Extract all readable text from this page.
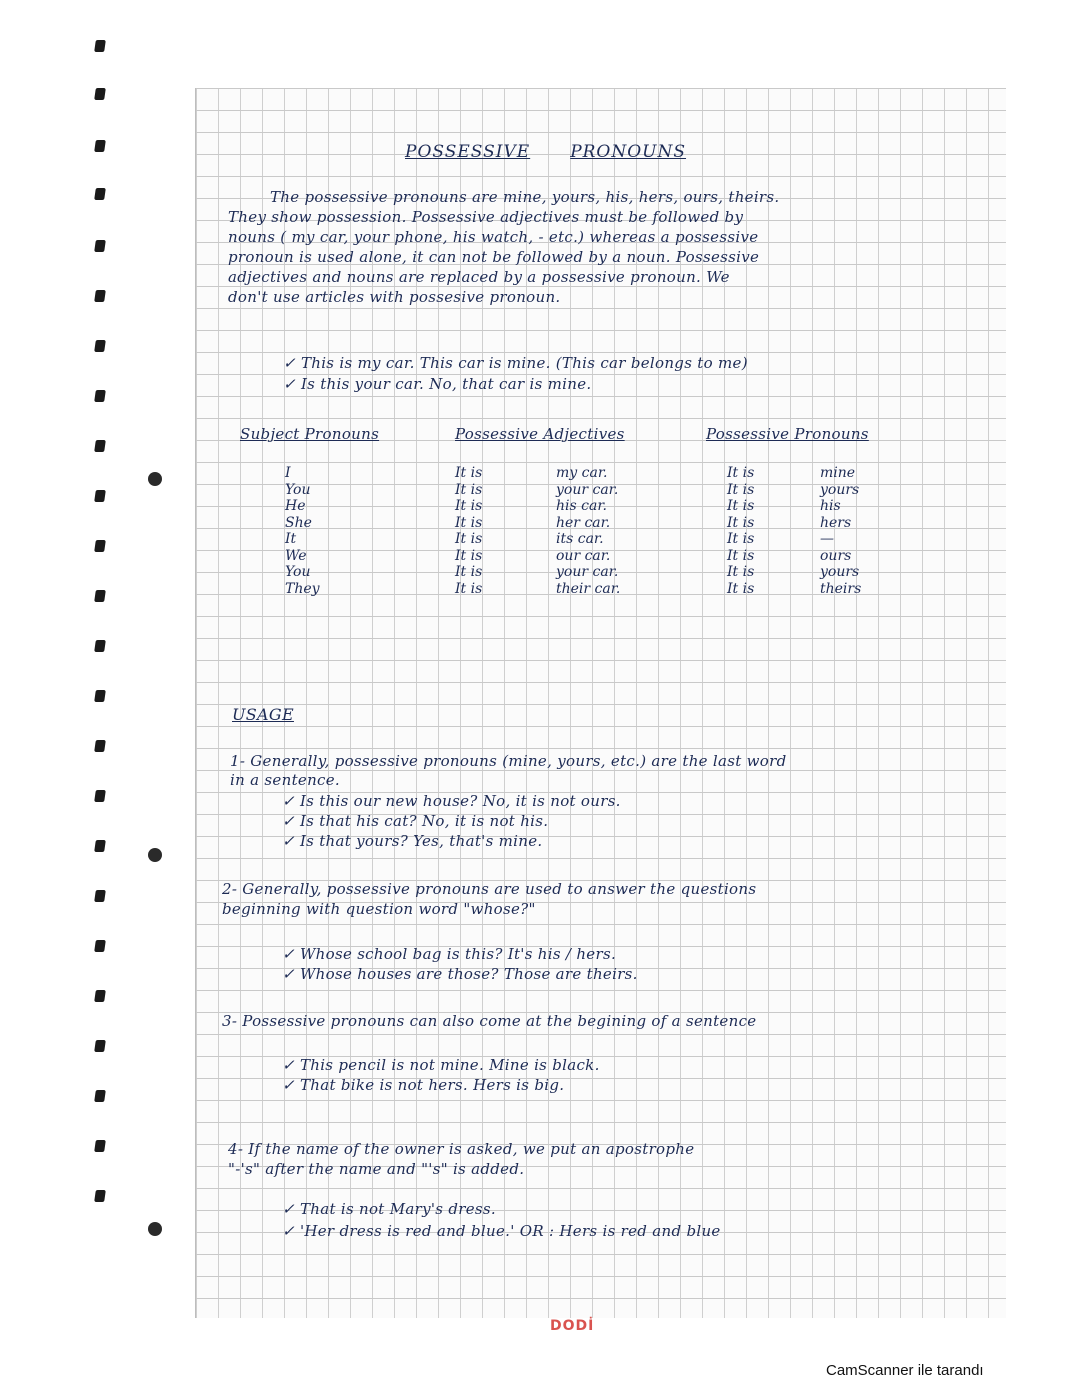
POSSESSIVE PRONOUNS
The possessive pronouns are mine, yours, his, hers, ours, theirs.
They show possession. Possessive adjectives must be followed by
nouns ( my car, your phone, his watch, - etc.) whereas a possessive
pronoun is used alone, it can not be followed by a noun. Possessive
adjectives and nouns are replaced by a possessive pronoun. We
don't use articles with possesive pronoun.
✓ This is my car. This car is mine. (This car belongs to me)
✓ Is this your car. No, that car is mine.
Subject Pronouns	Possessive Adjectives	Possessive Pronouns
I
You
He
She
It
We
You
They
It is
It is
It is
It is
It is
It is
It is
It is
my car.
your car.
his car.
her car.
its car.
our car.
your car.
their car.
It is
It is
It is
It is
It is
It is
It is
It is
mine
yours
his
hers
—
ours
yours
theirs
USAGE
1- Generally, possessive pronouns (mine, yours, etc.) are the last word
in a sentence.
✓ Is this our new house? No, it is not ours.
✓ Is that his cat? No, it is not his.
✓ Is that yours? Yes, that's mine.
2- Generally, possessive pronouns are used to answer the questions
beginning with question word "whose?"
✓ Whose school bag is this? It's his / hers.
✓ Whose houses are those? Those are theirs.
3- Possessive pronouns can also come at the begining of a sentence
✓ This pencil is not mine. Mine is black.
✓ That bike is not hers. Hers is big.
4- If the name of the owner is asked, we put an apostrophe
"-'s" after the name and "'s" is added.
✓ That is not Mary's dress.
✓ 'Her dress is red and blue.' OR : Hers is red and blue
DODİ
CamScanner ile tarandı
